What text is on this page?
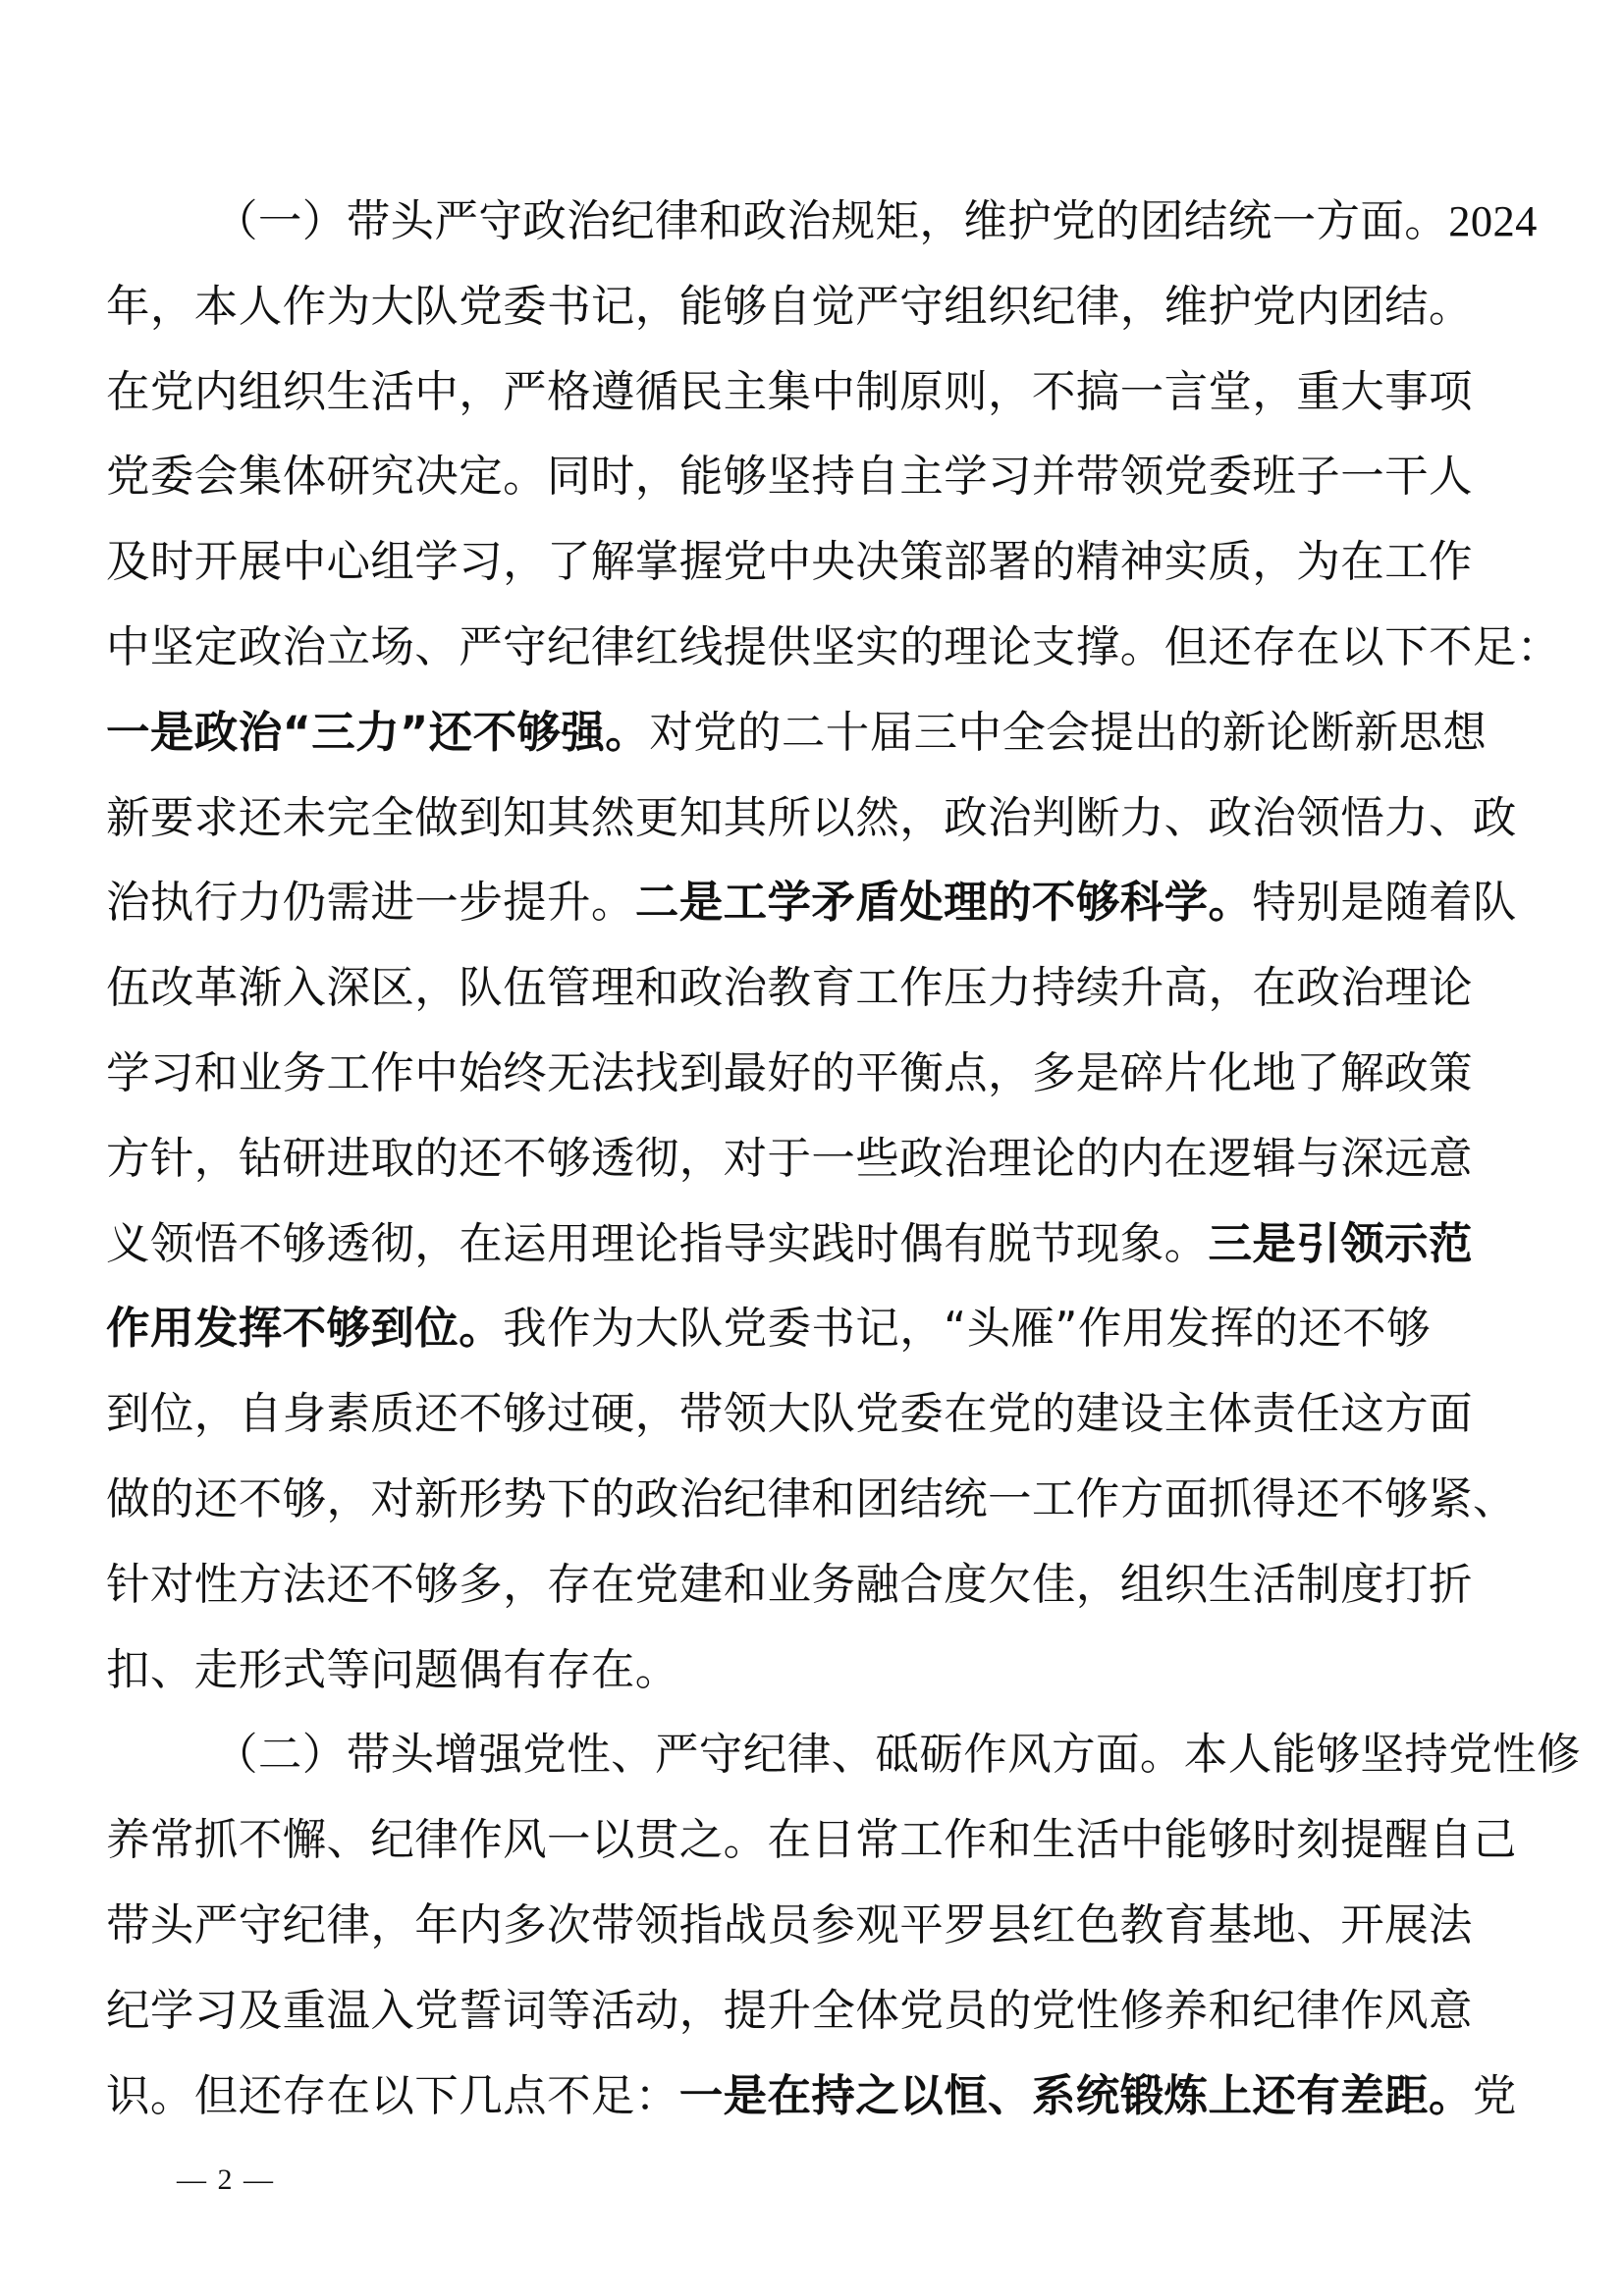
（一）带头严守政治纪律和政治规矩，维护党的团结统一方面。2024
年，本人作为大队党委书记，能够自觉严守组织纪律，维护党内团结。
在党内组织生活中，严格遵循民主集中制原则，不搞一言堂，重大事项
党委会集体研究决定。同时，能够坚持自主学习并带领党委班子一干人
及时开展中心组学习，了解掌握党中央决策部署的精神实质，为在工作
中坚定政治立场、严守纪律红线提供坚实的理论支撑。但还存在以下不足：
一是政治“三力”还不够强。对党的二十届三中全会提出的新论断新思想
新要求还未完全做到知其然更知其所以然，政治判断力、政治领悟力、政
治执行力仍需进一步提升。二是工学矛盾处理的不够科学。特别是随着队
伍改革渐入深区，队伍管理和政治教育工作压力持续升高，在政治理论
学习和业务工作中始终无法找到最好的平衡点，多是碎片化地了解政策
方针，钻研进取的还不够透彻，对于一些政治理论的内在逻辑与深远意
义领悟不够透彻，在运用理论指导实践时偶有脱节现象。三是引领示范
作用发挥不够到位。我作为大队党委书记，“头雁”作用发挥的还不够
到位，自身素质还不够过硬，带领大队党委在党的建设主体责任这方面
做的还不够，对新形势下的政治纪律和团结统一工作方面抓得还不够紧、
针对性方法还不够多，存在党建和业务融合度欠佳，组织生活制度打折
扣、走形式等问题偶有存在。
（二）带头增强党性、严守纪律、砥砺作风方面。本人能够坚持党性修
养常抓不懈、纪律作风一以贯之。在日常工作和生活中能够时刻提醒自己
带头严守纪律，年内多次带领指战员参观平罗县红色教育基地、开展法
纪学习及重温入党誓词等活动，提升全体党员的党性修养和纪律作风意
识。但还存在以下几点不足：一是在持之以恒、系统锻炼上还有差距。党
— 2 —
